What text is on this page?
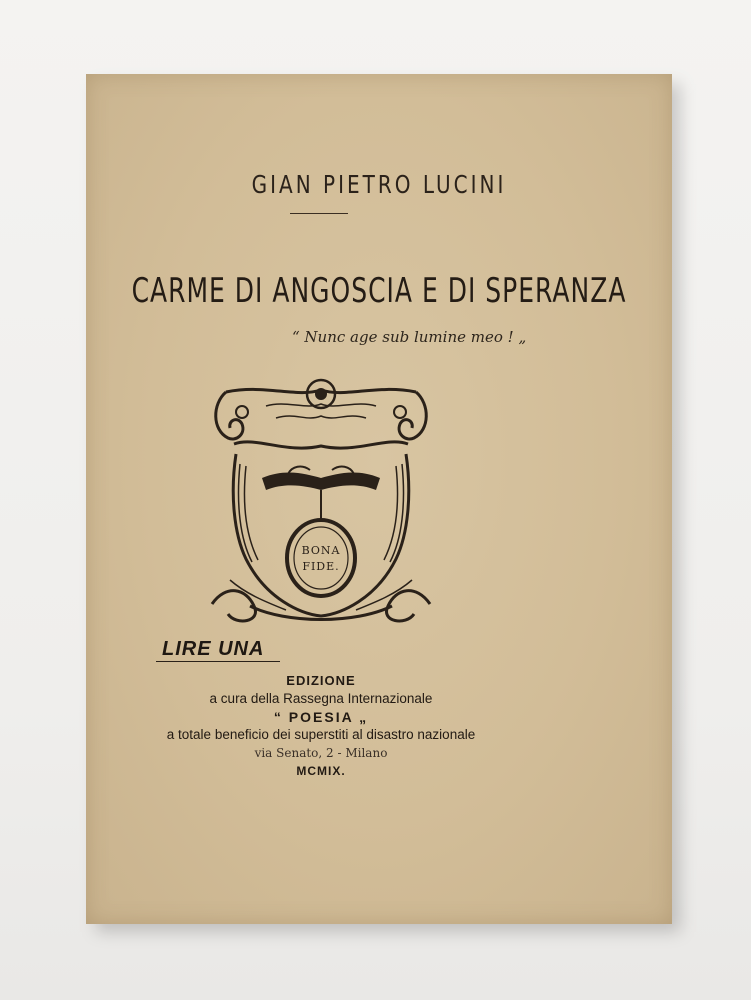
GIAN PIETRO LUCINI
CARME DI ANGOSCIA E DI SPERANZA
“ Nunc age sub lumine meo ! „
BONA
FIDE.
LIRE UNA
EDIZIONE
a cura della Rassegna Internazionale
“ POESIA „
a totale beneficio dei superstiti al disastro nazionale
via Senato, 2 - Milano
MCMIX.
